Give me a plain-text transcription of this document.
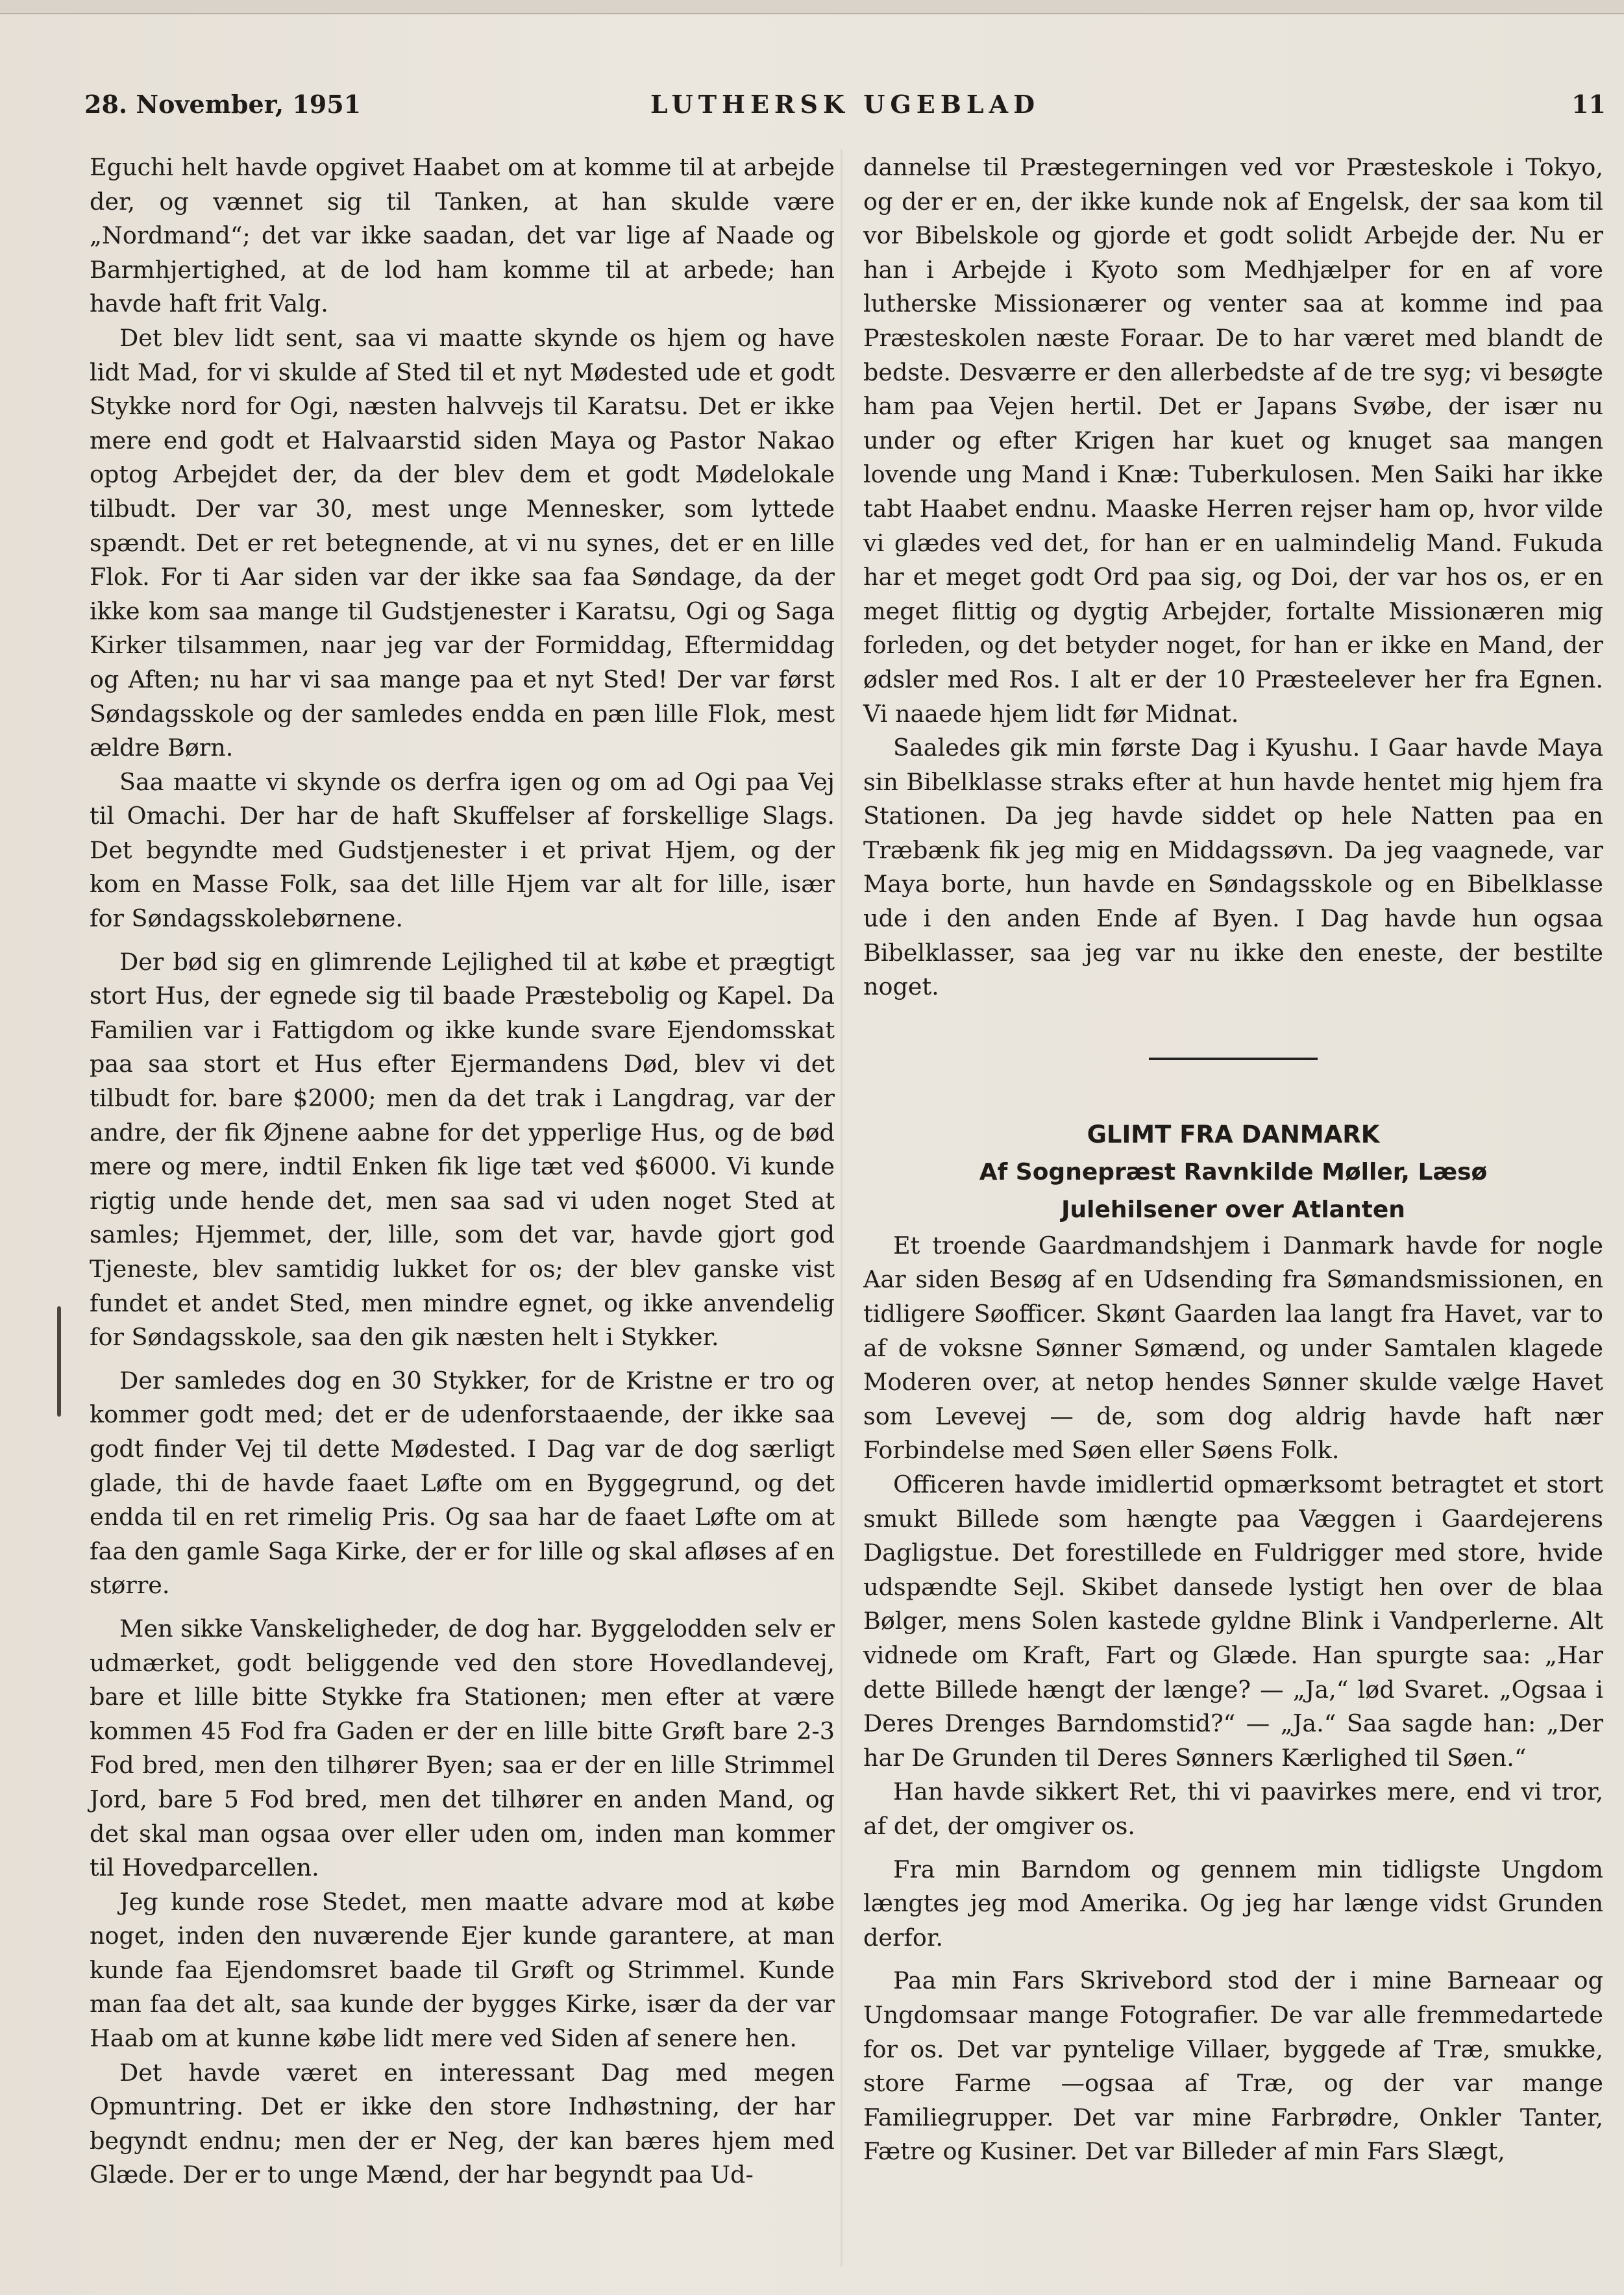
28. November, 1951	LUTHERSK UGEBLAD	11

Eguchi helt havde opgivet Haabet om at komme til at arbejde der, og vænnet sig til Tanken, at han skulde være „Nordmand“; det var ikke saadan, det var lige af Naade og Barmhjertighed, at de lod ham komme til at arbede; han havde haft frit Valg.

Det blev lidt sent, saa vi maatte skynde os hjem og have lidt Mad, for vi skulde af Sted til et nyt Mødested ude et godt Stykke nord for Ogi, næsten halvvejs til Karatsu. Det er ikke mere end godt et Halvaarstid siden Maya og Pastor Nakao optog Arbejdet der, da der blev dem et godt Mødelokale tilbudt. Der var 30, mest unge Mennesker, som lyttede spændt. Det er ret betegnende, at vi nu synes, det er en lille Flok. For ti Aar siden var der ikke saa faa Søndage, da der ikke kom saa mange til Gudstjenester i Karatsu, Ogi og Saga Kirker tilsammen, naar jeg var der Formiddag, Eftermiddag og Aften; nu har vi saa mange paa et nyt Sted! Der var først Søndagsskole og der samledes endda en pæn lille Flok, mest ældre Børn.

Saa maatte vi skynde os derfra igen og om ad Ogi paa Vej til Omachi. Der har de haft Skuffelser af forskellige Slags. Det begyndte med Gudstjenester i et privat Hjem, og der kom en Masse Folk, saa det lille Hjem var alt for lille, især for Søndagsskolebørnene.

Der bød sig en glimrende Lejlighed til at købe et prægtigt stort Hus, der egnede sig til baade Præstebolig og Kapel. Da Familien var i Fattigdom og ikke kunde svare Ejendomsskat paa saa stort et Hus efter Ejermandens Død, blev vi det tilbudt for. bare $2000; men da det trak i Langdrag, var der andre, der fik Øjnene aabne for det ypperlige Hus, og de bød mere og mere, indtil Enken fik lige tæt ved $6000. Vi kunde rigtig unde hende det, men saa sad vi uden noget Sted at samles; Hjemmet, der, lille, som det var, havde gjort god Tjeneste, blev samtidig lukket for os; der blev ganske vist fundet et andet Sted, men mindre egnet, og ikke anvendelig for Søndagsskole, saa den gik næsten helt i Stykker.

Der samledes dog en 30 Stykker, for de Kristne er tro og kommer godt med; det er de udenforstaaende, der ikke saa godt finder Vej til dette Mødested. I Dag var de dog særligt glade, thi de havde faaet Løfte om en Byggegrund, og det endda til en ret rimelig Pris. Og saa har de faaet Løfte om at faa den gamle Saga Kirke, der er for lille og skal afløses af en større.

Men sikke Vanskeligheder, de dog har. Byggelodden selv er udmærket, godt beliggende ved den store Hovedlandevej, bare et lille bitte Stykke fra Stationen; men efter at være kommen 45 Fod fra Gaden er der en lille bitte Grøft bare 2-3 Fod bred, men den tilhører Byen; saa er der en lille Strimmel Jord, bare 5 Fod bred, men det tilhører en anden Mand, og det skal man ogsaa over eller uden om, inden man kommer til Hovedparcellen.

Jeg kunde rose Stedet, men maatte advare mod at købe noget, inden den nuværende Ejer kunde garantere, at man kunde faa Ejendomsret baade til Grøft og Strimmel. Kunde man faa det alt, saa kunde der bygges Kirke, især da der var Haab om at kunne købe lidt mere ved Siden af senere hen.

Det havde været en interessant Dag med megen Opmuntring. Det er ikke den store Indhøstning, der har begyndt endnu; men der er Neg, der kan bæres hjem med Glæde. Der er to unge Mænd, der har begyndt paa Ud-

dannelse til Præstegerningen ved vor Præsteskole i Tokyo, og der er en, der ikke kunde nok af Engelsk, der saa kom til vor Bibelskole og gjorde et godt solidt Arbejde der. Nu er han i Arbejde i Kyoto som Medhjælper for en af vore lutherske Missionærer og venter saa at komme ind paa Præsteskolen næste Foraar. De to har været med blandt de bedste. Desværre er den allerbedste af de tre syg; vi besøgte ham paa Vejen hertil. Det er Japans Svøbe, der især nu under og efter Krigen har kuet og knuget saa mangen lovende ung Mand i Knæ: Tuberkulosen. Men Saiki har ikke tabt Haabet endnu. Maaske Herren rejser ham op, hvor vilde vi glædes ved det, for han er en ualmindelig Mand. Fukuda har et meget godt Ord paa sig, og Doi, der var hos os, er en meget flittig og dygtig Arbejder, fortalte Missionæren mig forleden, og det betyder noget, for han er ikke en Mand, der ødsler med Ros. I alt er der 10 Præsteelever her fra Egnen. Vi naaede hjem lidt før Midnat.

Saaledes gik min første Dag i Kyushu. I Gaar havde Maya sin Bibelklasse straks efter at hun havde hentet mig hjem fra Stationen. Da jeg havde siddet op hele Natten paa en Træbænk fik jeg mig en Middagssøvn. Da jeg vaagnede, var Maya borte, hun havde en Søndagsskole og en Bibelklasse ude i den anden Ende af Byen. I Dag havde hun ogsaa Bibelklasser, saa jeg var nu ikke den eneste, der bestilte noget.

GLIMT FRA DANMARK

Af Sognepræst Ravnkilde Møller, Læsø

Julehilsener over Atlanten

Et troende Gaardmandshjem i Danmark havde for nogle Aar siden Besøg af en Udsending fra Sømandsmissionen, en tidligere Søofficer. Skønt Gaarden laa langt fra Havet, var to af de voksne Sønner Sømænd, og under Samtalen klagede Moderen over, at netop hendes Sønner skulde vælge Havet som Levevej — de, som dog aldrig havde haft nær Forbindelse med Søen eller Søens Folk.

Officeren havde imidlertid opmærksomt betragtet et stort smukt Billede som hængte paa Væggen i Gaardejerens Dagligstue. Det forestillede en Fuldrigger med store, hvide udspændte Sejl. Skibet dansede lystigt hen over de blaa Bølger, mens Solen kastede gyldne Blink i Vandperlerne. Alt vidnede om Kraft, Fart og Glæde. Han spurgte saa: „Har dette Billede hængt der længe? — „Ja,“ lød Svaret. „Ogsaa i Deres Drenges Barndomstid?“ — „Ja.“ Saa sagde han: „Der har De Grunden til Deres Sønners Kærlighed til Søen.“

Han havde sikkert Ret, thi vi paavirkes mere, end vi tror, af det, der omgiver os.

Fra min Barndom og gennem min tidligste Ungdom længtes jeg mod Amerika. Og jeg har længe vidst Grunden derfor.

Paa min Fars Skrivebord stod der i mine Barneaar og Ungdomsaar mange Fotografier. De var alle fremmedartede for os. Det var pyntelige Villaer, byggede af Træ, smukke, store Farme —ogsaa af Træ, og der var mange Familiegrupper. Det var mine Farbrødre, Onkler Tanter, Fætre og Kusiner. Det var Billeder af min Fars Slægt,
